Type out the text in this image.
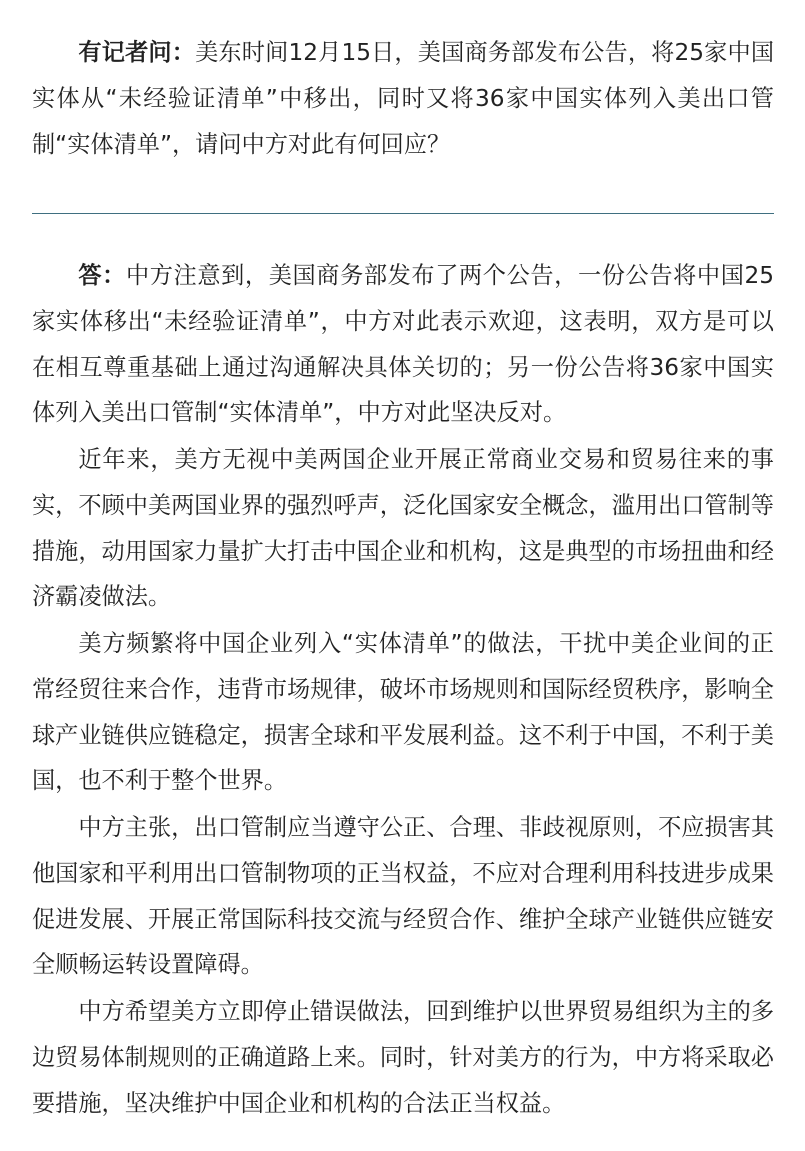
有记者问：美东时间12月15日，美国商务部发布公告，将25家中国实体从“未经验证清单”中移出，同时又将36家中国实体列入美出口管制“实体清单”，请问中方对此有何回应？

答：中方注意到，美国商务部发布了两个公告，一份公告将中国25家实体移出“未经验证清单”，中方对此表示欢迎，这表明，双方是可以在相互尊重基础上通过沟通解决具体关切的；另一份公告将36家中国实体列入美出口管制“实体清单”，中方对此坚决反对。

近年来，美方无视中美两国企业开展正常商业交易和贸易往来的事实，不顾中美两国业界的强烈呼声，泛化国家安全概念，滥用出口管制等措施，动用国家力量扩大打击中国企业和机构，这是典型的市场扭曲和经济霸凌做法。

美方频繁将中国企业列入“实体清单”的做法，干扰中美企业间的正常经贸往来合作，违背市场规律，破坏市场规则和国际经贸秩序，影响全球产业链供应链稳定，损害全球和平发展利益。这不利于中国，不利于美国，也不利于整个世界。

中方主张，出口管制应当遵守公正、合理、非歧视原则，不应损害其他国家和平利用出口管制物项的正当权益，不应对合理利用科技进步成果促进发展、开展正常国际科技交流与经贸合作、维护全球产业链供应链安全顺畅运转设置障碍。

中方希望美方立即停止错误做法，回到维护以世界贸易组织为主的多边贸易体制规则的正确道路上来。同时，针对美方的行为，中方将采取必要措施，坚决维护中国企业和机构的合法正当权益。
